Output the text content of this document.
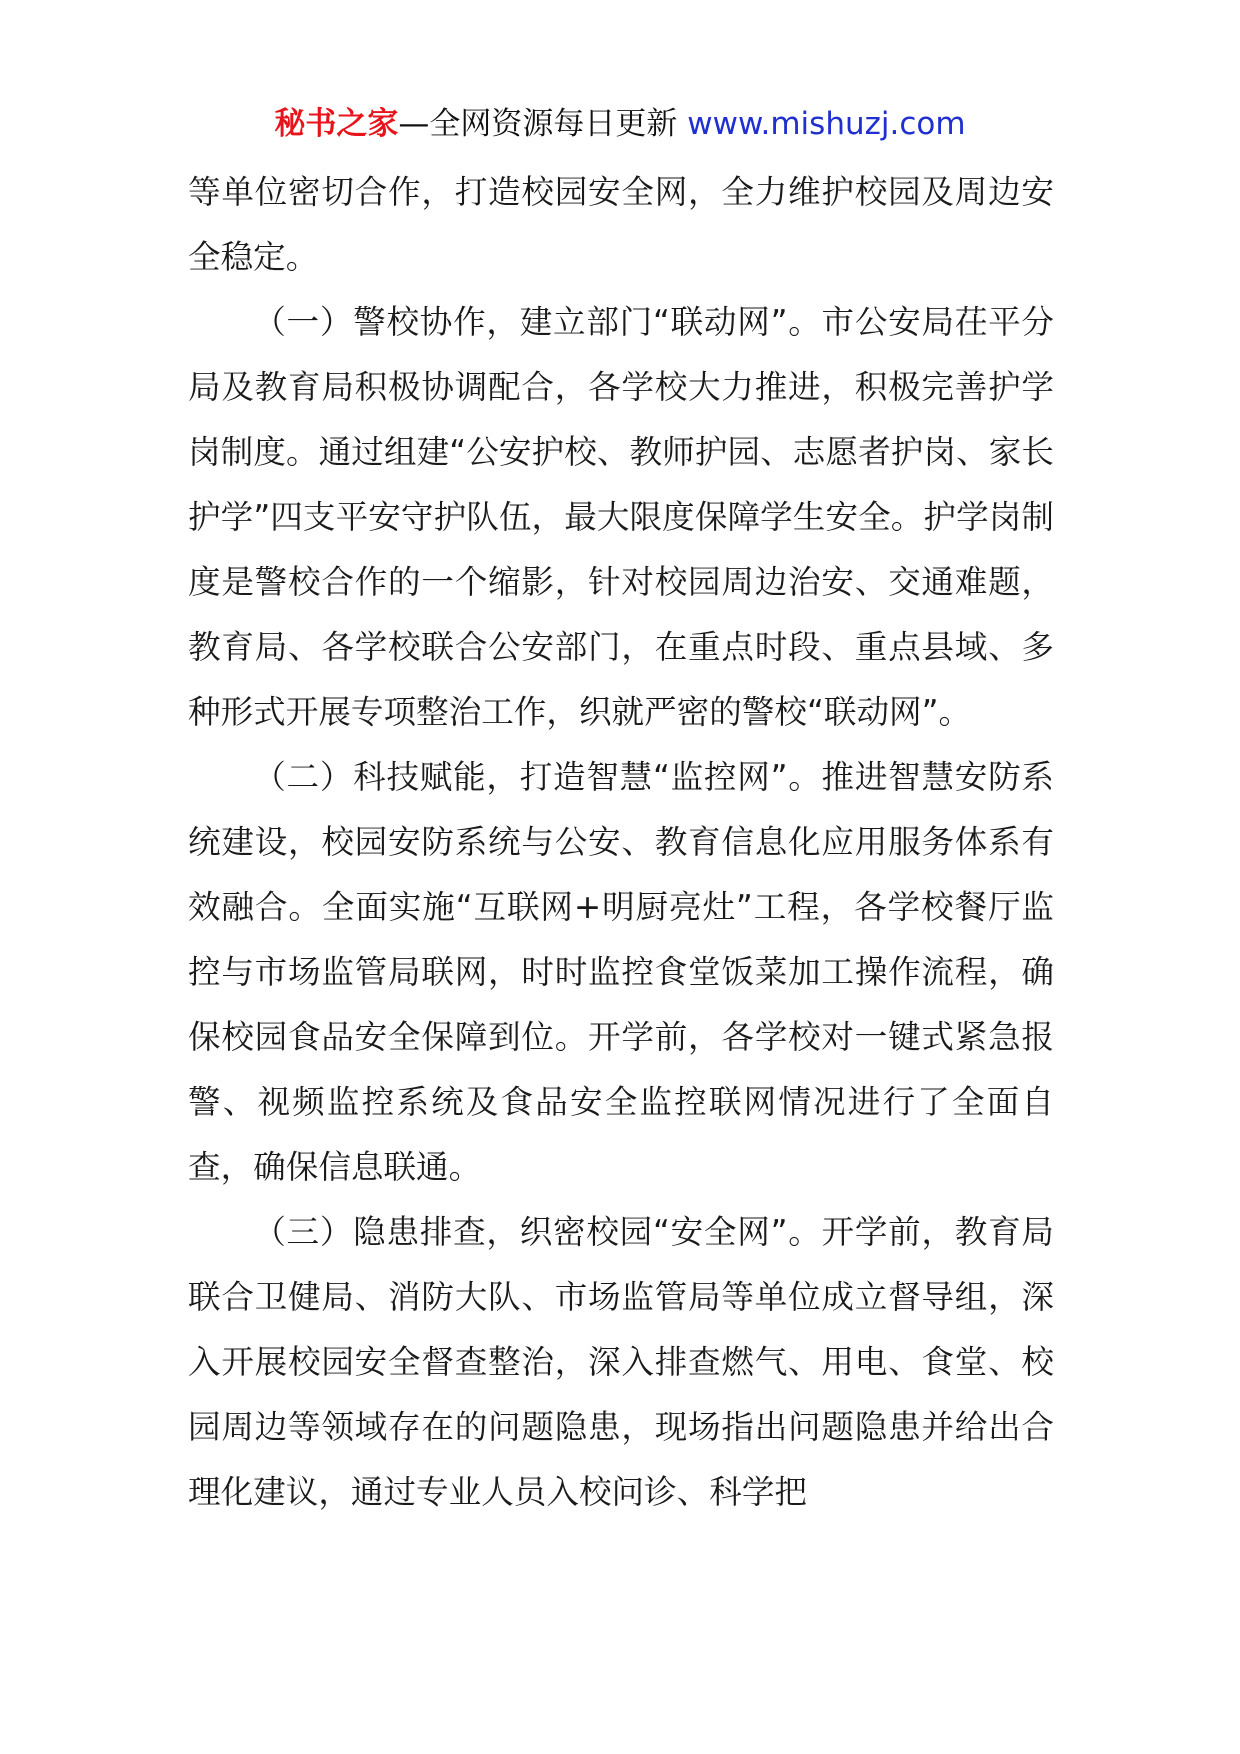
秘书之家—全网资源每日更新 www.mishuzj.com

等单位密切合作，打造校园安全网，全力维护校园及周边安全稳定。

（一）警校协作，建立部门“联动网”。市公安局茌平分局及教育局积极协调配合，各学校大力推进，积极完善护学岗制度。通过组建“公安护校、教师护园、志愿者护岗、家长护学”四支平安守护队伍，最大限度保障学生安全。护学岗制度是警校合作的一个缩影，针对校园周边治安、交通难题，教育局、各学校联合公安部门，在重点时段、重点县域、多种形式开展专项整治工作，织就严密的警校“联动网”。

（二）科技赋能，打造智慧“监控网”。推进智慧安防系统建设，校园安防系统与公安、教育信息化应用服务体系有效融合。全面实施“互联网+明厨亮灶”工程，各学校餐厅监控与市场监管局联网，时时监控食堂饭菜加工操作流程，确保校园食品安全保障到位。开学前，各学校对一键式紧急报警、视频监控系统及食品安全监控联网情况进行了全面自查，确保信息联通。

（三）隐患排查，织密校园“安全网”。开学前，教育局联合卫健局、消防大队、市场监管局等单位成立督导组，深入开展校园安全督查整治，深入排查燃气、用电、食堂、校园周边等领域存在的问题隐患，现场指出问题隐患并给出合理化建议，通过专业人员入校问诊、科学把
